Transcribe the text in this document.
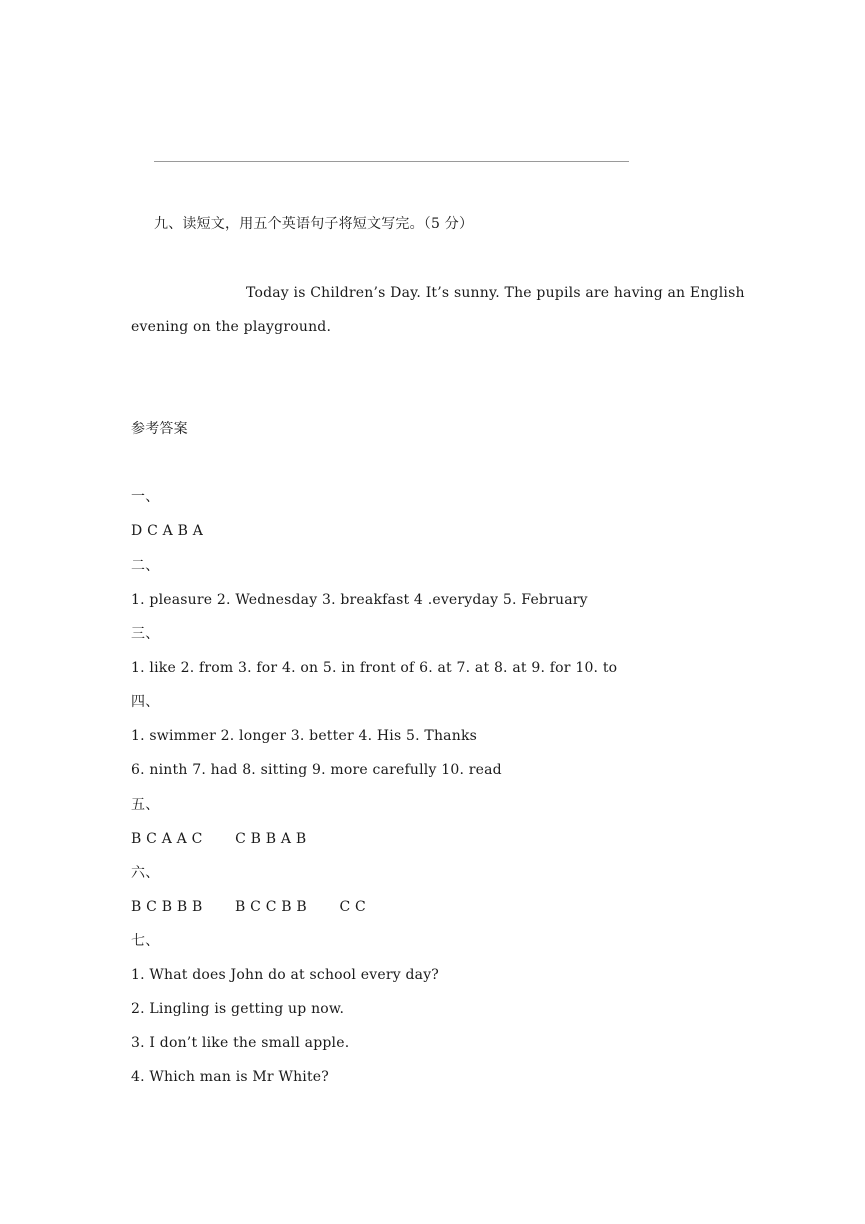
九、读短文，用五个英语句子将短文写完。（5 分）
Today is Children’s Day. It’s sunny. The pupils are having an English
evening on the playground.
参考答案
一、
D C A B A
二、
1. pleasure 2. Wednesday 3. breakfast 4 .everyday 5. February
三、
1. like 2. from 3. for 4. on 5. in front of 6. at 7. at 8. at 9. for 10. to
四、
1. swimmer 2. longer 3. better 4. His 5. Thanks
6. ninth 7. had 8. sitting 9. more carefully 10. read
五、
B C A A C       C B B A B
六、
B C B B B       B C C B B       C C
七、
1. What does John do at school every day?
2. Lingling is getting up now.
3. I don’t like the small apple.
4. Which man is Mr White?
